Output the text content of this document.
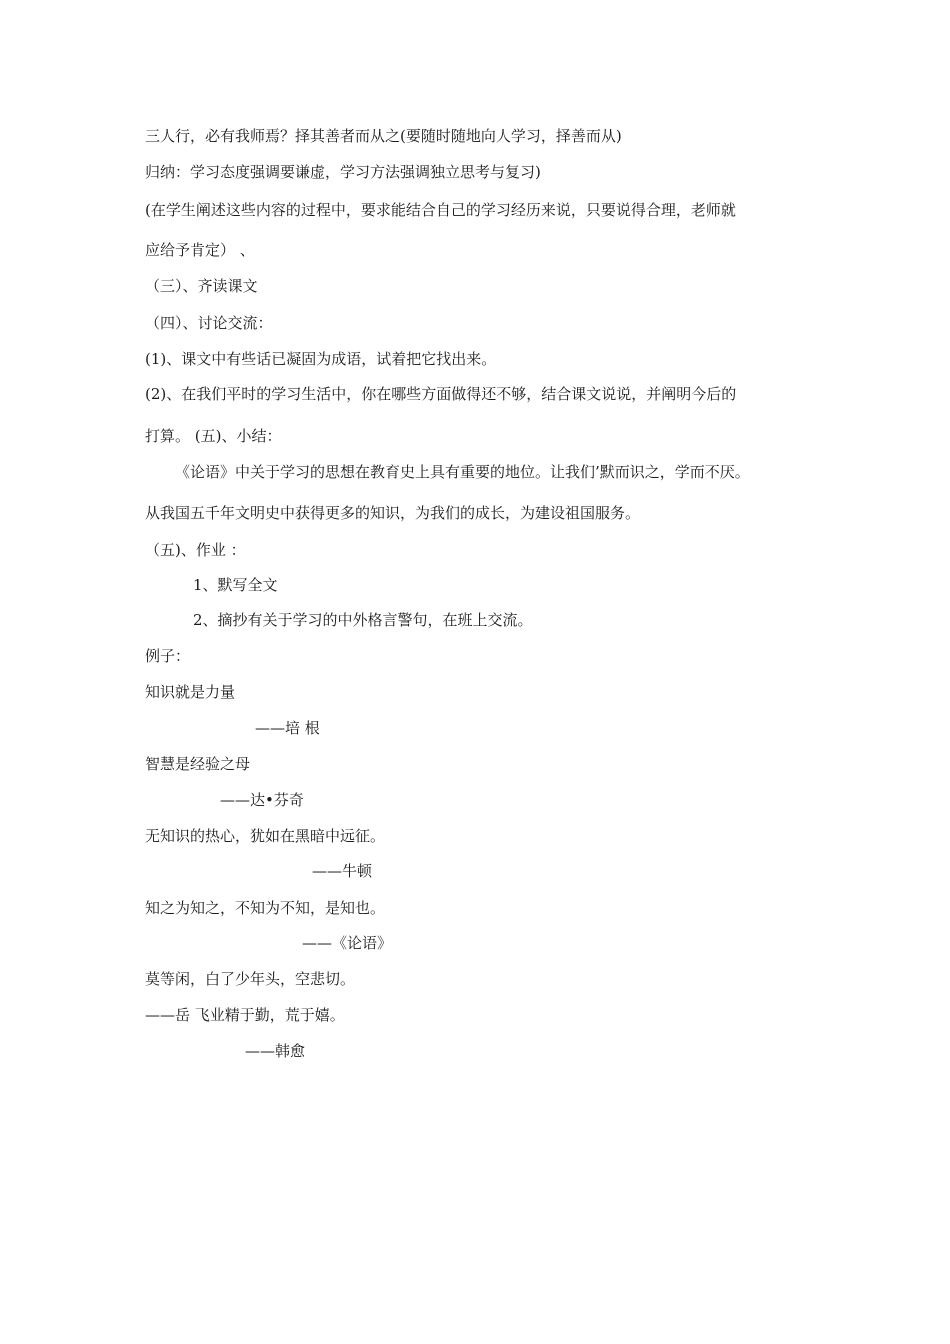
三人行，必有我师焉？择其善者而从之(要随时随地向人学习，择善而从)
归纳：学习态度强调要谦虚，学习方法强调独立思考与复习)
(在学生阐述这些内容的过程中，要求能结合自己的学习经历来说，只要说得合理，老师就
应给予肯定） 、
（三）、齐读课文
（四）、讨论交流：
(1)、课文中有些话已凝固为成语，试着把它找出来。
(2)、在我们平时的学习生活中，你在哪些方面做得还不够，结合课文说说，并阐明今后的
打算。 (五)、小结：
《论语》中关于学习的思想在教育史上具有重要的地位。让我们’默而识之，学而不厌。
从我国五千年文明史中获得更多的知识，为我们的成长，为建设祖国服务。
（五)、作业 ：
1、默写全文
2、摘抄有关于学习的中外格言警句，在班上交流。
例子：
知识就是力量
——培 根
智慧是经验之母
——达•芬奇
无知识的热心，犹如在黑暗中远征。
——牛顿
知之为知之，不知为不知，是知也。
——《论语》
莫等闲，白了少年头，空悲切。
——岳 飞业精于勤，荒于嬉。
——韩愈
